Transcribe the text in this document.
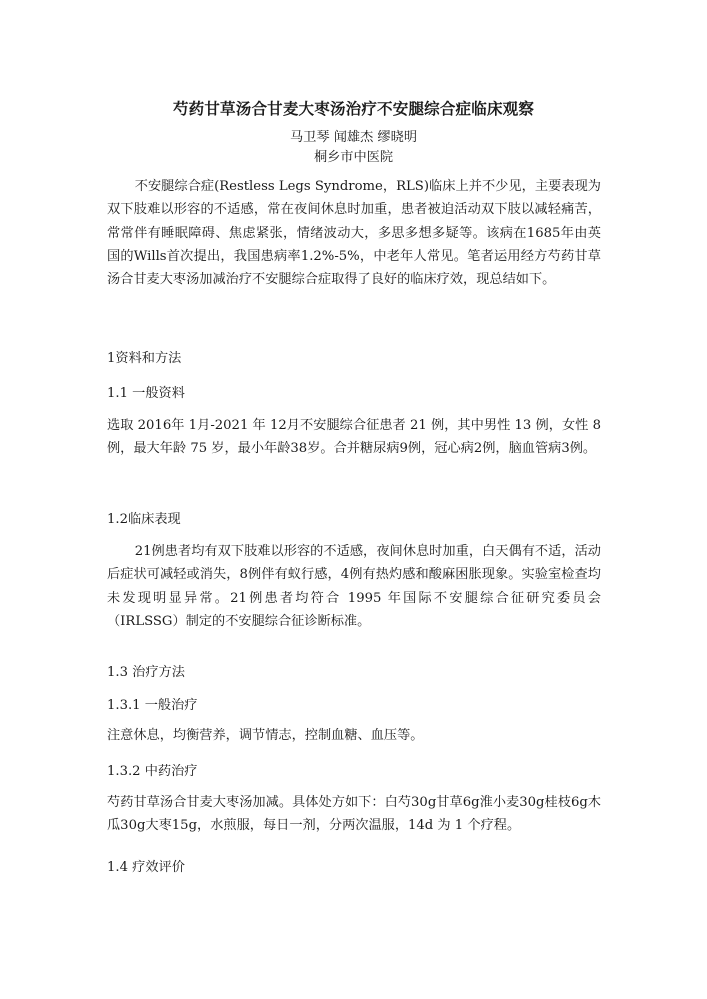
芍药甘草汤合甘麦大枣汤治疗不安腿综合症临床观察
马卫琴 闻雄杰 缪晓明
桐乡市中医院

不安腿综合症(Restless Legs Syndrome，RLS)临床上并不少见，主要表现为双下肢难以形容的不适感，常在夜间休息时加重，患者被迫活动双下肢以减轻痛苦，常常伴有睡眠障碍、焦虑紧张，情绪波动大，多思多想多疑等。该病在1685年由英国的Wills首次提出，我国患病率1.2%-5%，中老年人常见。笔者运用经方芍药甘草汤合甘麦大枣汤加减治疗不安腿综合症取得了良好的临床疗效，现总结如下。

1资料和方法
1.1 一般资料

选取 2016年 1月-2021 年 12月不安腿综合征患者 21 例，其中男性 13 例，女性 8例，最大年龄 75 岁，最小年龄38岁。合并糖尿病9例，冠心病2例，脑血管病3例。

1.2临床表现

21例患者均有双下肢难以形容的不适感，夜间休息时加重，白天偶有不适，活动后症状可减轻或消失，8例伴有蚁行感，4例有热灼感和酸麻困胀现象。实验室检查均未发现明显异常。21例患者均符合 1995 年国际不安腿综合征研究委员会（IRLSSG）制定的不安腿综合征诊断标准。

1.3 治疗方法
1.3.1 一般治疗

注意休息，均衡营养，调节情志，控制血糖、血压等。

1.3.2 中药治疗

芍药甘草汤合甘麦大枣汤加减。具体处方如下：白芍30g甘草6g淮小麦30g桂枝6g木瓜30g大枣15g，水煎服，每日一剂，分两次温服，14d 为 1 个疗程。

1.4 疗效评价
